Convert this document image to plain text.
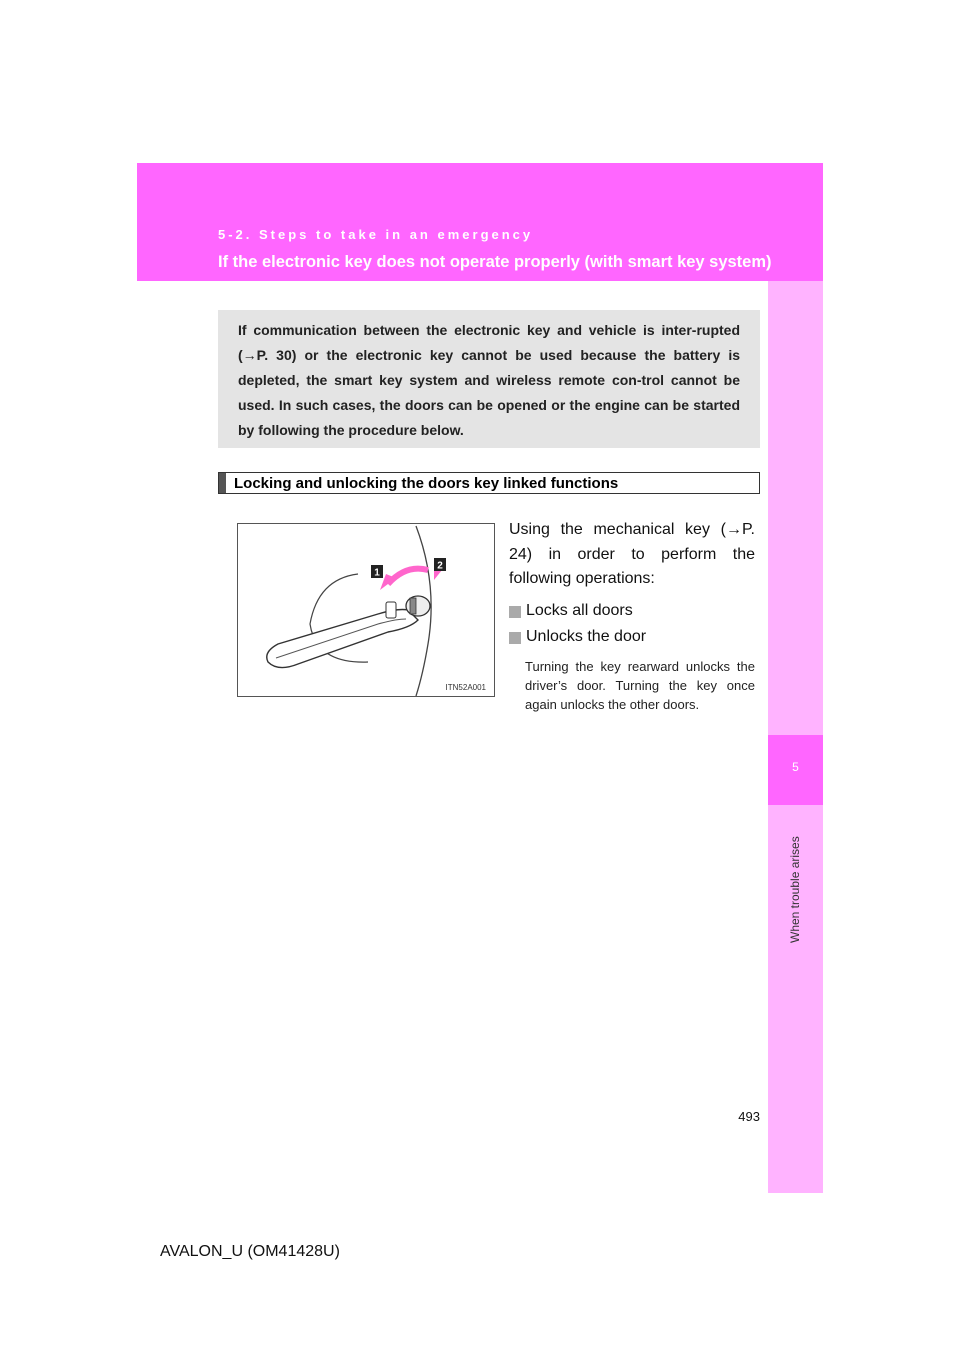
5-2. Steps to take in an emergency
If the electronic key does not operate properly (with smart key system)
5
When trouble arises
If communication between the electronic key and vehicle is inter-rupted (→P. 30) or the electronic key cannot be used because the battery is depleted, the smart key system and wireless remote con-trol cannot be used. In such cases, the doors can be opened or the engine can be started by following the procedure below.
Locking and unlocking the doors key linked functions
1
2
ITN52A001

Using the mechanical key (→P. 24) in order to perform the following operations:

Locks all doors
Unlocks the door
Turning the key rearward unlocks the driver’s door. Turning the key once again unlocks the other doors.
493
AVALON_U (OM41428U)
